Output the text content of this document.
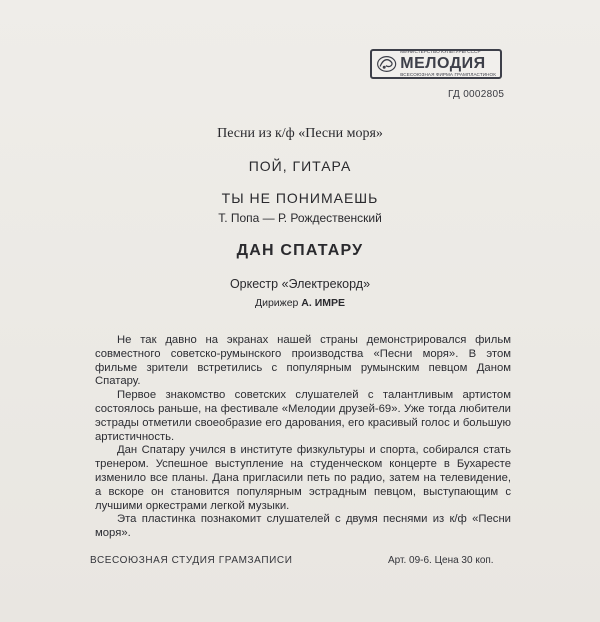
МИНИСТЕРСТВО КУЛЬТУРЫ СССР
МЕЛОДИЯ
ВСЕСОЮЗНАЯ ФИРМА ГРАМПЛАСТИНОК
ГД 0002805
Песни из к/ф «Песни моря»
ПОЙ, ГИТАРА
ТЫ НЕ ПОНИМАЕШЬ
Т. Попа — Р. Рождественский
ДАН СПАТАРУ
Оркестр «Электрекорд»
Дирижер А. ИМРЕ

Не так давно на экранах нашей страны демонстрировался фильм совместного советско-румынского производства «Песни моря». В этом фильме зрители встретились с популярным румынским певцом Даном Спатару.

Первое знакомство советских слушателей с талантливым артистом состоялось раньше, на фестивале «Мелодии друзей-69». Уже тогда любители эстрады отметили своеобразие его дарования, его красивый голос и большую артистичность.

Дан Спатару учился в институте физкультуры и спорта, собирался стать тренером. Успешное выступление на студенческом концерте в Бухаресте изменило все планы. Дана пригласили петь по радио, затем на телевидение, а вскоре он становится популярным эстрадным певцом, выступающим с лучшими оркестрами легкой музыки.

Эта пластинка познакомит слушателей с двумя песнями из к/ф «Песни моря».

ВСЕСОЮЗНАЯ СТУДИЯ ГРАМЗАПИСИ	Арт. 09-6. Цена 30 коп.
